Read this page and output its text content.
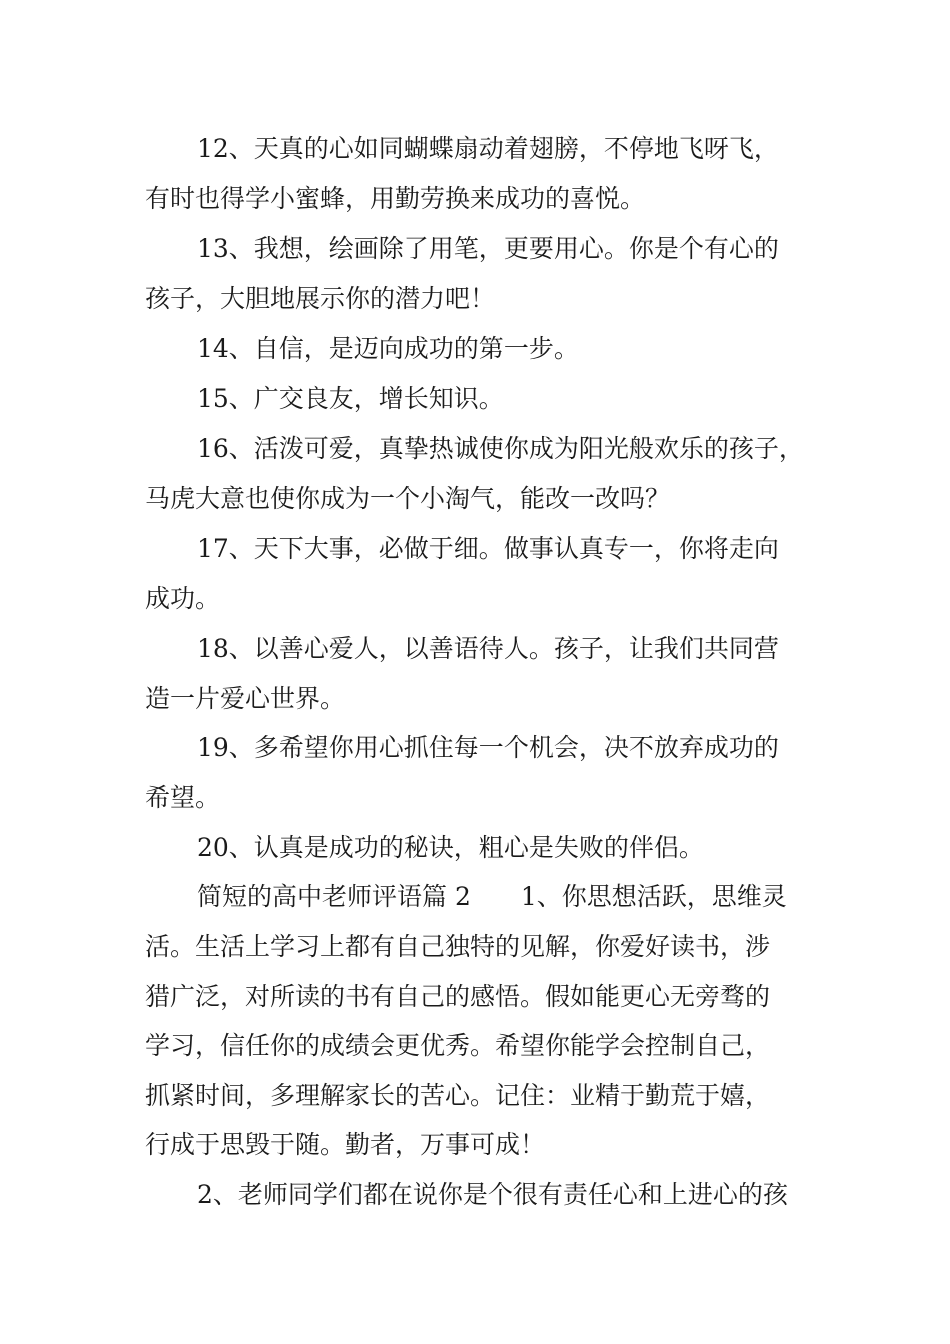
12、天真的心如同蝴蝶扇动着翅膀，不停地飞呀飞，

有时也得学小蜜蜂，用勤劳换来成功的喜悦。

13、我想，绘画除了用笔，更要用心。你是个有心的

孩子，大胆地展示你的潜力吧！

14、自信，是迈向成功的第一步。

15、广交良友，增长知识。

16、活泼可爱，真挚热诚使你成为阳光般欢乐的孩子，

马虎大意也使你成为一个小淘气，能改一改吗？

17、天下大事，必做于细。做事认真专一，你将走向

成功。

18、以善心爱人，以善语待人。孩子，让我们共同营

造一片爱心世界。

19、多希望你用心抓住每一个机会，决不放弃成功的

希望。

20、认真是成功的秘诀，粗心是失败的伴侣。

简短的高中老师评语篇 2　　1、你思想活跃，思维灵

活。生活上学习上都有自己独特的见解，你爱好读书，涉

猎广泛，对所读的书有自己的感悟。假如能更心无旁骛的

学习，信任你的成绩会更优秀。希望你能学会控制自己，

抓紧时间，多理解家长的苦心。记住：业精于勤荒于嬉，

行成于思毁于随。勤者，万事可成！

2、老师同学们都在说你是个很有责任心和上进心的孩
